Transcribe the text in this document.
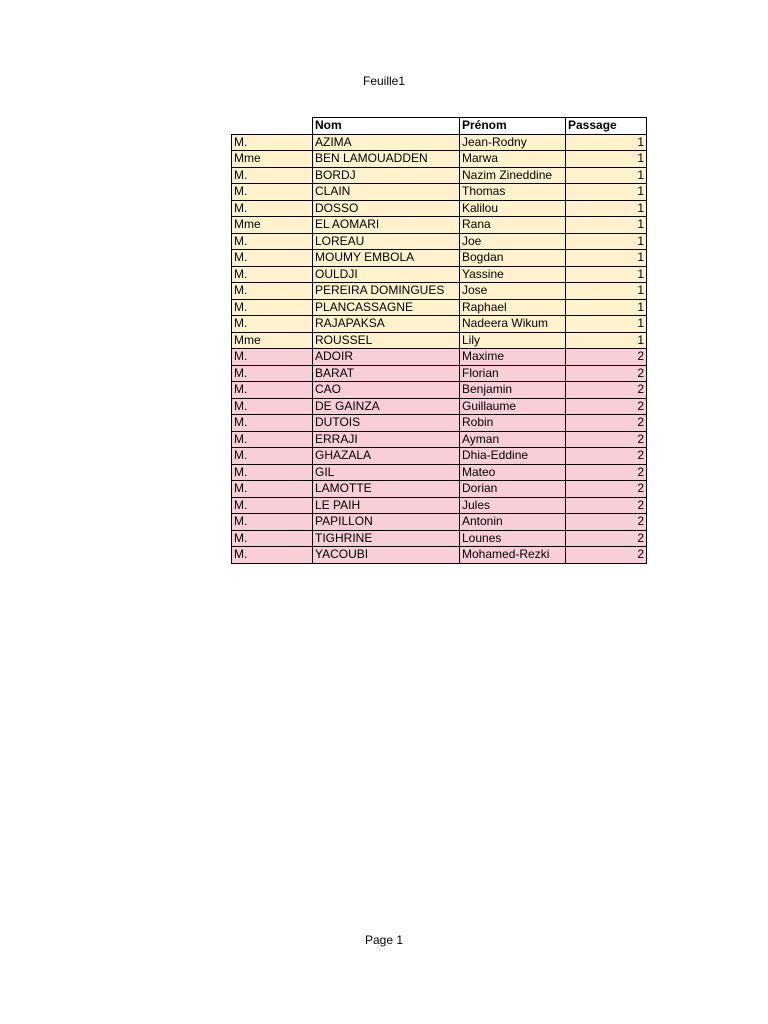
Feuille1
	Nom	Prénom	Passage
M.	AZIMA	Jean-Rodny	1
Mme	BEN LAMOUADDEN	Marwa	1
M.	BORDJ	Nazim Zineddine	1
M.	CLAIN	Thomas	1
M.	DOSSO	Kalilou	1
Mme	EL AOMARI	Rana	1
M.	LOREAU	Joe	1
M.	MOUMY EMBOLA	Bogdan	1
M.	OULDJI	Yassine	1
M.	PEREIRA DOMINGUES	Jose	1
M.	PLANCASSAGNE	Raphael	1
M.	RAJAPAKSA	Nadeera Wikum	1
Mme	ROUSSEL	Lily	1
M.	ADOIR	Maxime	2
M.	BARAT	Florian	2
M.	CAO	Benjamin	2
M.	DE GAINZA	Guillaume	2
M.	DUTOIS	Robin	2
M.	ERRAJI	Ayman	2
M.	GHAZALA	Dhia-Eddine	2
M.	GIL	Mateo	2
M.	LAMOTTE	Dorian	2
M.	LE PAIH	Jules	2
M.	PAPILLON	Antonin	2
M.	TIGHRINE	Lounes	2
M.	YACOUBI	Mohamed-Rezki	2
Page 1
